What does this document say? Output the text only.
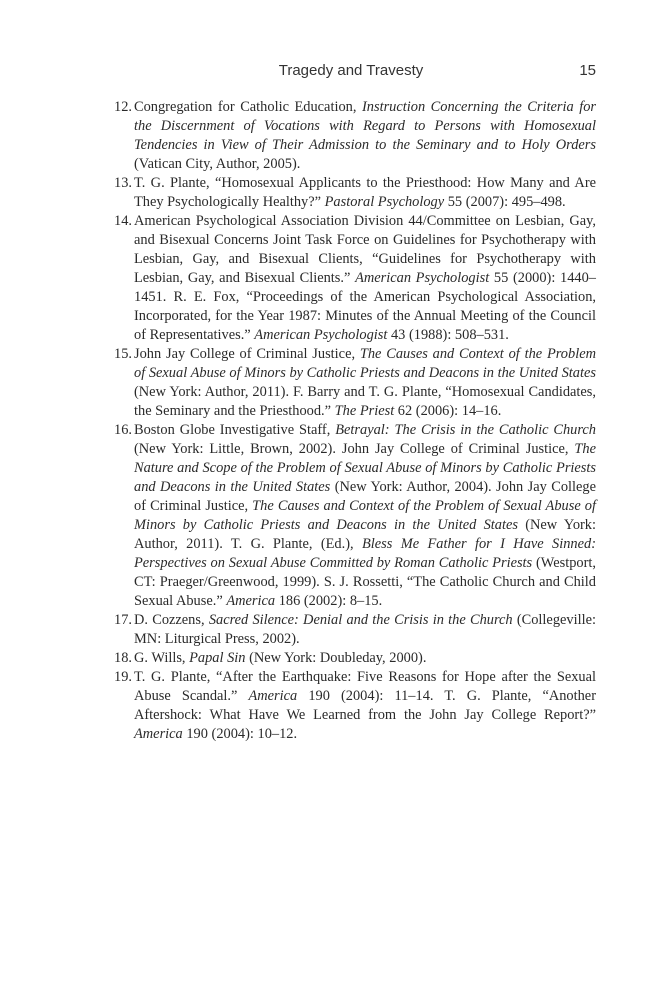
Tragedy and Travesty	15
12. Congregation for Catholic Education, Instruction Concerning the Criteria for the Discernment of Vocations with Regard to Persons with Homosexual Tendencies in View of Their Admission to the Seminary and to Holy Orders (Vatican City, Author, 2005).
13. T. G. Plante, “Homosexual Applicants to the Priesthood: How Many and Are They Psychologically Healthy?” Pastoral Psychology 55 (2007): 495–498.
14. American Psychological Association Division 44/Committee on Lesbian, Gay, and Bisexual Concerns Joint Task Force on Guidelines for Psychotherapy with Lesbian, Gay, and Bisexual Clients, “Guidelines for Psychotherapy with Lesbian, Gay, and Bisexual Clients.” American Psychologist 55 (2000): 1440–1451. R. E. Fox, “Proceedings of the American Psychological Association, Incorporated, for the Year 1987: Minutes of the Annual Meeting of the Council of Representatives.” American Psychologist 43 (1988): 508–531.
15. John Jay College of Criminal Justice, The Causes and Context of the Problem of Sexual Abuse of Minors by Catholic Priests and Deacons in the United States (New York: Author, 2011). F. Barry and T. G. Plante, “Homosexual Candidates, the Seminary and the Priesthood.” The Priest 62 (2006): 14–16.
16. Boston Globe Investigative Staff, Betrayal: The Crisis in the Catholic Church (New York: Little, Brown, 2002). John Jay College of Criminal Justice, The Nature and Scope of the Problem of Sexual Abuse of Minors by Catholic Priests and Deacons in the United States (New York: Author, 2004). John Jay College of Criminal Justice, The Causes and Context of the Problem of Sexual Abuse of Minors by Catholic Priests and Deacons in the United States (New York: Author, 2011). T. G. Plante, (Ed.), Bless Me Father for I Have Sinned: Perspectives on Sexual Abuse Committed by Roman Catholic Priests (Westport, CT: Praeger/Greenwood, 1999). S. J. Rossetti, “The Catholic Church and Child Sexual Abuse.” America 186 (2002): 8–15.
17. D. Cozzens, Sacred Silence: Denial and the Crisis in the Church (Collegeville: MN: Liturgical Press, 2002).
18. G. Wills, Papal Sin (New York: Doubleday, 2000).
19. T. G. Plante, “After the Earthquake: Five Reasons for Hope after the Sexual Abuse Scandal.” America 190 (2004): 11–14. T. G. Plante, “Another Aftershock: What Have We Learned from the John Jay College Report?” America 190 (2004): 10–12.
